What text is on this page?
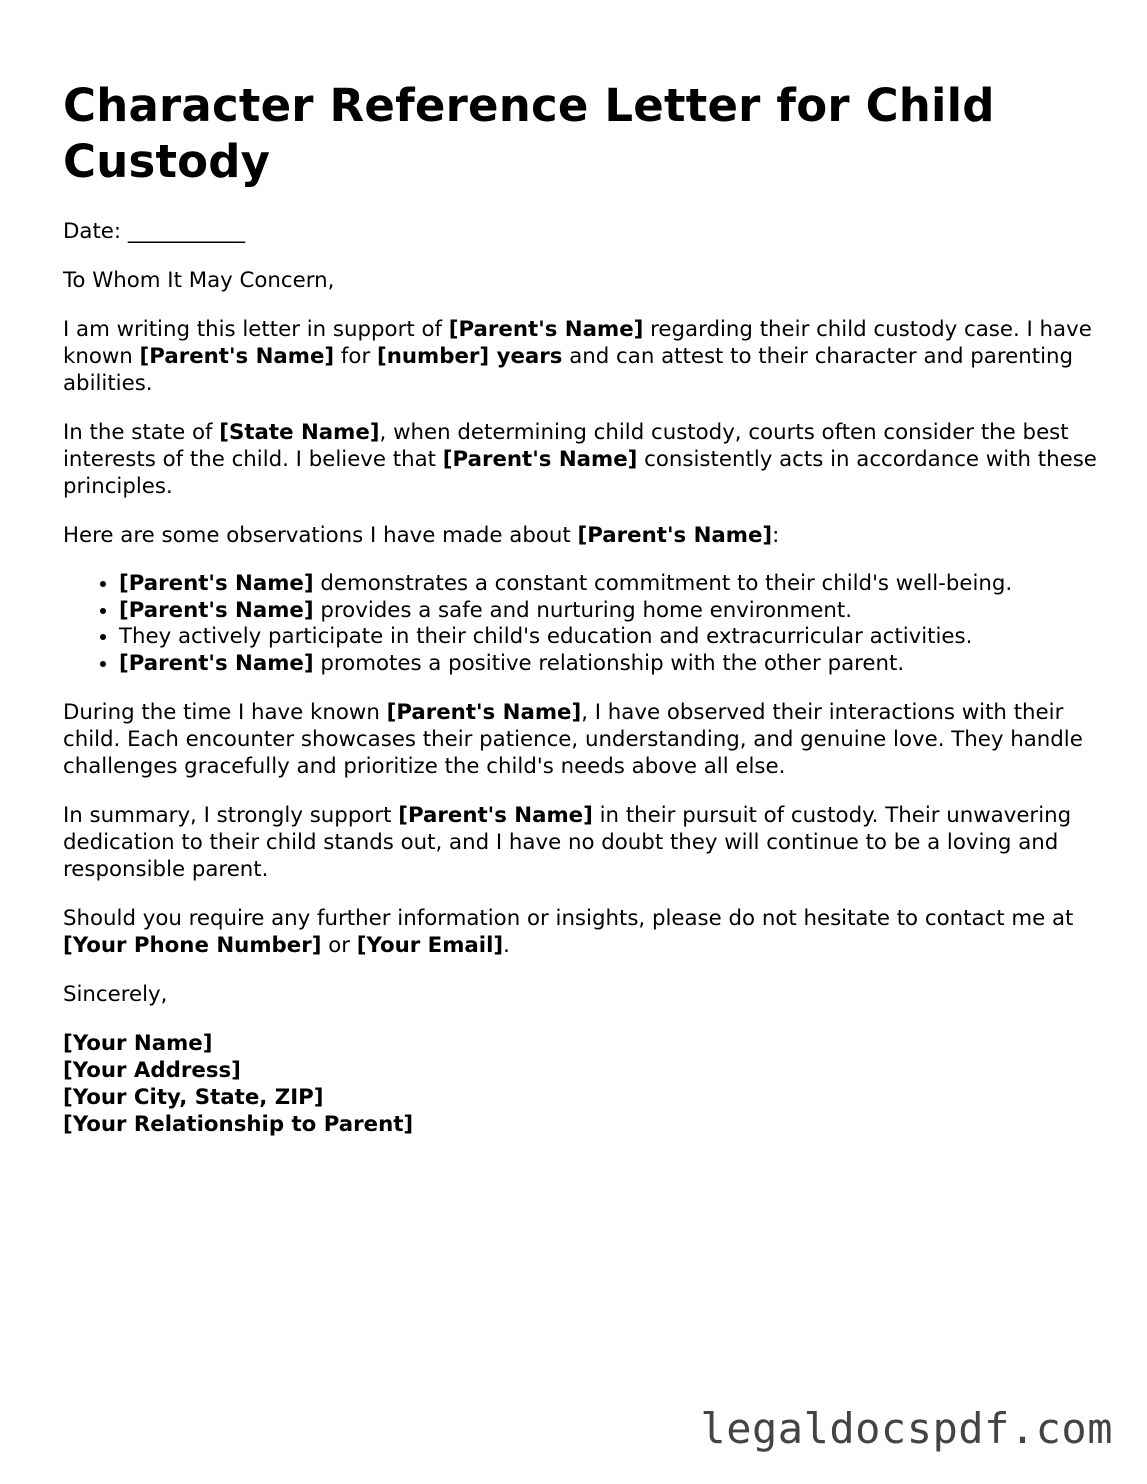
Character Reference Letter for Child Custody

Date: ___________

To Whom It May Concern,

I am writing this letter in support of [Parent's Name] regarding their child custody case. I have known [Parent's Name] for [number] years and can attest to their character and parenting abilities.

In the state of [State Name], when determining child custody, courts often consider the best interests of the child. I believe that [Parent's Name] consistently acts in accordance with these principles.

Here are some observations I have made about [Parent's Name]:

• [Parent's Name] demonstrates a constant commitment to their child's well-being.
• [Parent's Name] provides a safe and nurturing home environment.
• They actively participate in their child's education and extracurricular activities.
• [Parent's Name] promotes a positive relationship with the other parent.

During the time I have known [Parent's Name], I have observed their interactions with their child. Each encounter showcases their patience, understanding, and genuine love. They handle challenges gracefully and prioritize the child's needs above all else.

In summary, I strongly support [Parent's Name] in their pursuit of custody. Their unwavering dedication to their child stands out, and I have no doubt they will continue to be a loving and responsible parent.

Should you require any further information or insights, please do not hesitate to contact me at [Your Phone Number] or [Your Email].

Sincerely,

[Your Name]

[Your Address]

[Your City, State, ZIP]

[Your Relationship to Parent]

legaldocspdf.com
